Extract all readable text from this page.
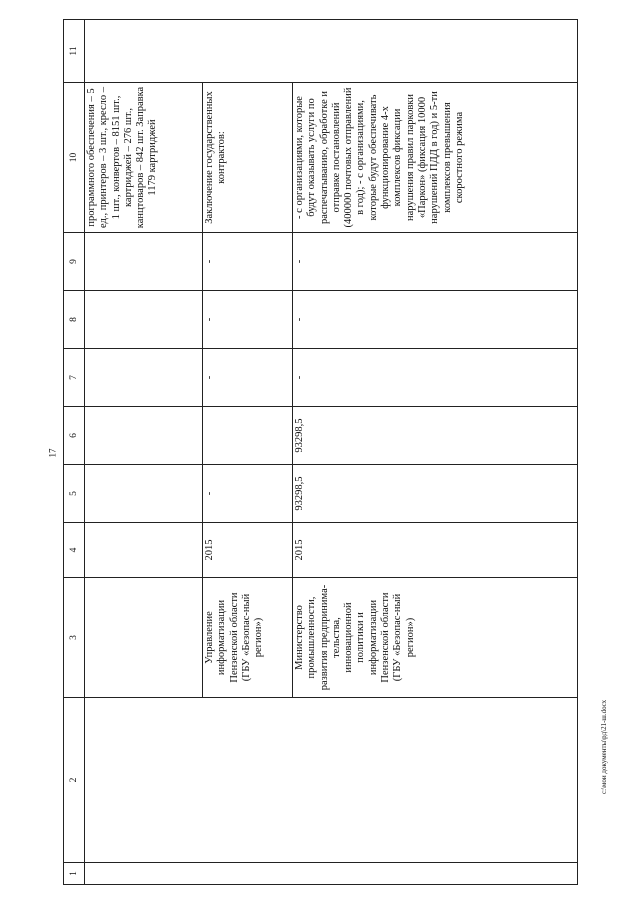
17
1	2	3	4	5	6	7	8	9	10	11
									программного обеспечения – 5 ед., принтеров – 3 шт., кресло – 1 шт., конвертов – 8151 шт., картриджей – 276 шт., канцтоваров – 842 шт. Заправка 1179 картриджей	
		Управление информатизации Пензенской области (ГБУ «Безопас-ный регион»)	2015	-		-	-	-	Заключение государственных контрактов:	
		Министерство промышленности, развития предпринима-тельства, инновационной политики и информатизации Пензенской области (ГБУ «Безопас-ный регион»)	2015	93298,5	93298,5	-	-	-	- с организациями, которые будут оказывать услуги по распечатыванию, обработке и отправке постановлений (400000 почтовых отправлений в год); - с организациями, которые будут обеспечивать функционирование 4-х комплексов фиксации нарушения правил парковки «Паркон» (фиксация 10000 нарушений ПДД в год) и 5-ти комплексов превышения скоростного режима	
c:\мои документы\рд\21-ш.docx
